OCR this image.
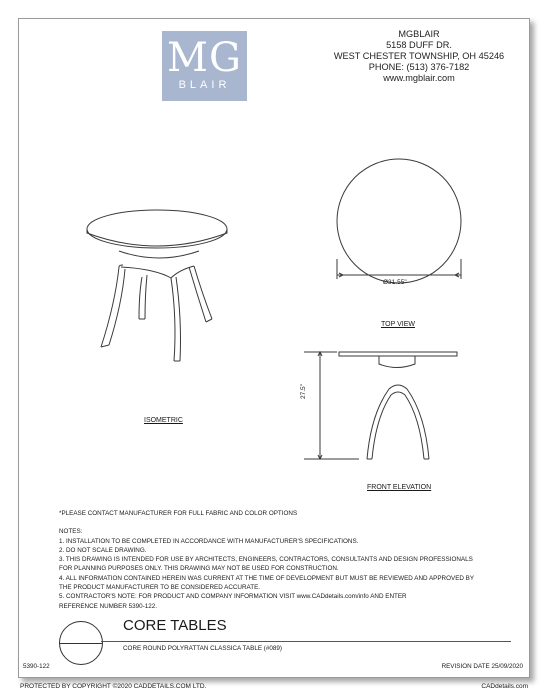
MG
BLAIR
MGBLAIR
5158 DUFF DR.
WEST CHESTER TOWNSHIP, OH 45246
PHONE: (513) 376-7182
www.mgblair.com
Ø31.55"
27.5"
ISOMETRIC
TOP VIEW
FRONT ELEVATION
*PLEASE CONTACT MANUFACTURER FOR FULL FABRIC AND COLOR OPTIONS
NOTES:
1. INSTALLATION TO BE COMPLETED IN ACCORDANCE WITH MANUFACTURER'S SPECIFICATIONS.
2. DO NOT SCALE DRAWING.
3. THIS DRAWING IS INTENDED FOR USE BY ARCHITECTS, ENGINEERS, CONTRACTORS, CONSULTANTS AND DESIGN PROFESSIONALS
FOR PLANNING PURPOSES ONLY. THIS DRAWING MAY NOT BE USED FOR CONSTRUCTION.
4. ALL INFORMATION CONTAINED HEREIN WAS CURRENT AT THE TIME OF DEVELOPMENT BUT MUST BE REVIEWED AND APPROVED BY
THE PRODUCT MANUFACTURER TO BE CONSIDERED ACCURATE.
5. CONTRACTOR'S NOTE: FOR PRODUCT AND COMPANY INFORMATION VISIT www.CADdetails.com/info AND ENTER
REFERENCE NUMBER 5390-122.
CORE TABLES
CORE ROUND POLYRATTAN CLASSICA TABLE (#089)
5390-122	REVISION DATE 25/09/2020
PROTECTED BY COPYRIGHT ©2020 CADDETAILS.COM LTD.	CADdetails.com
